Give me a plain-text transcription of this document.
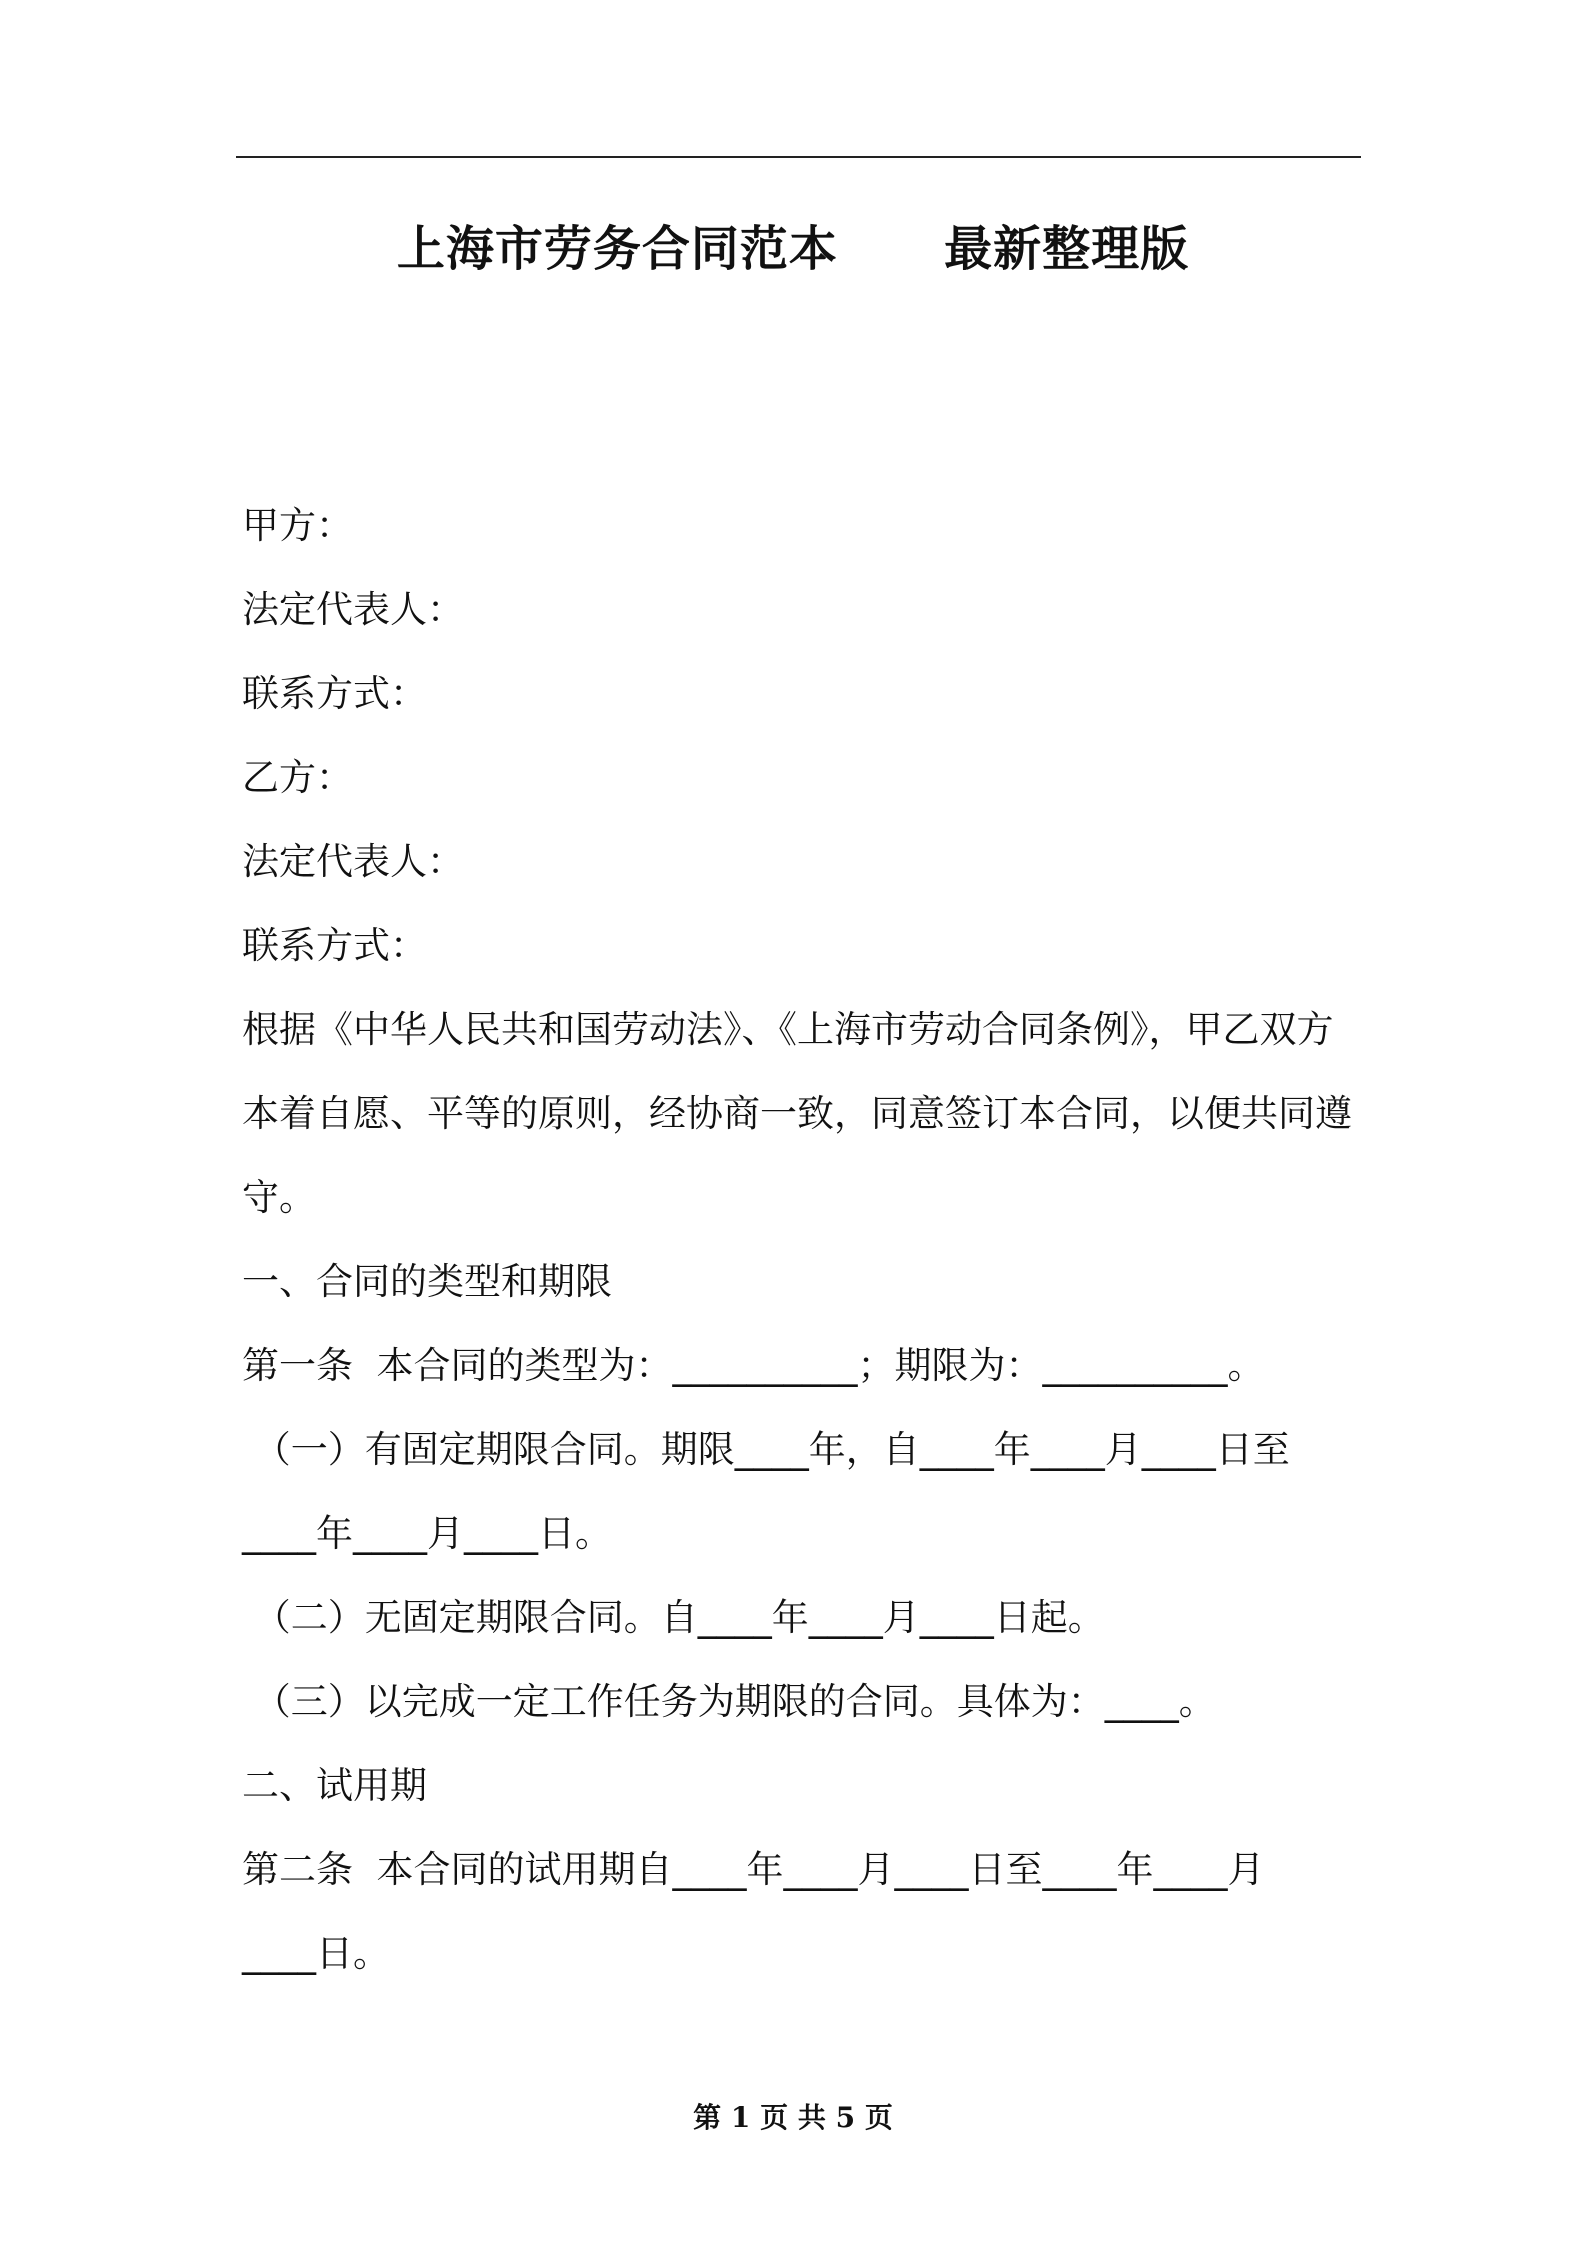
上海市劳务合同范本      最新整理版
甲方：
法定代表人：
联系方式：
乙方：
法定代表人：
联系方式：
根据《中华人民共和国劳动法》、《上海市劳动合同条例》，甲乙双方
本着自愿、平等的原则，经协商一致，同意签订本合同，以便共同遵
守。
一、合同的类型和期限
第一条  本合同的类型为：__________；期限为：__________。
（一）有固定期限合同。期限____年，自____年____月____日至
____年____月____日。
（二）无固定期限合同。自____年____月____日起。
（三）以完成一定工作任务为期限的合同。具体为：____。
二、试用期
第二条  本合同的试用期自____年____月____日至____年____月
____日。
第 1 页 共 5 页
